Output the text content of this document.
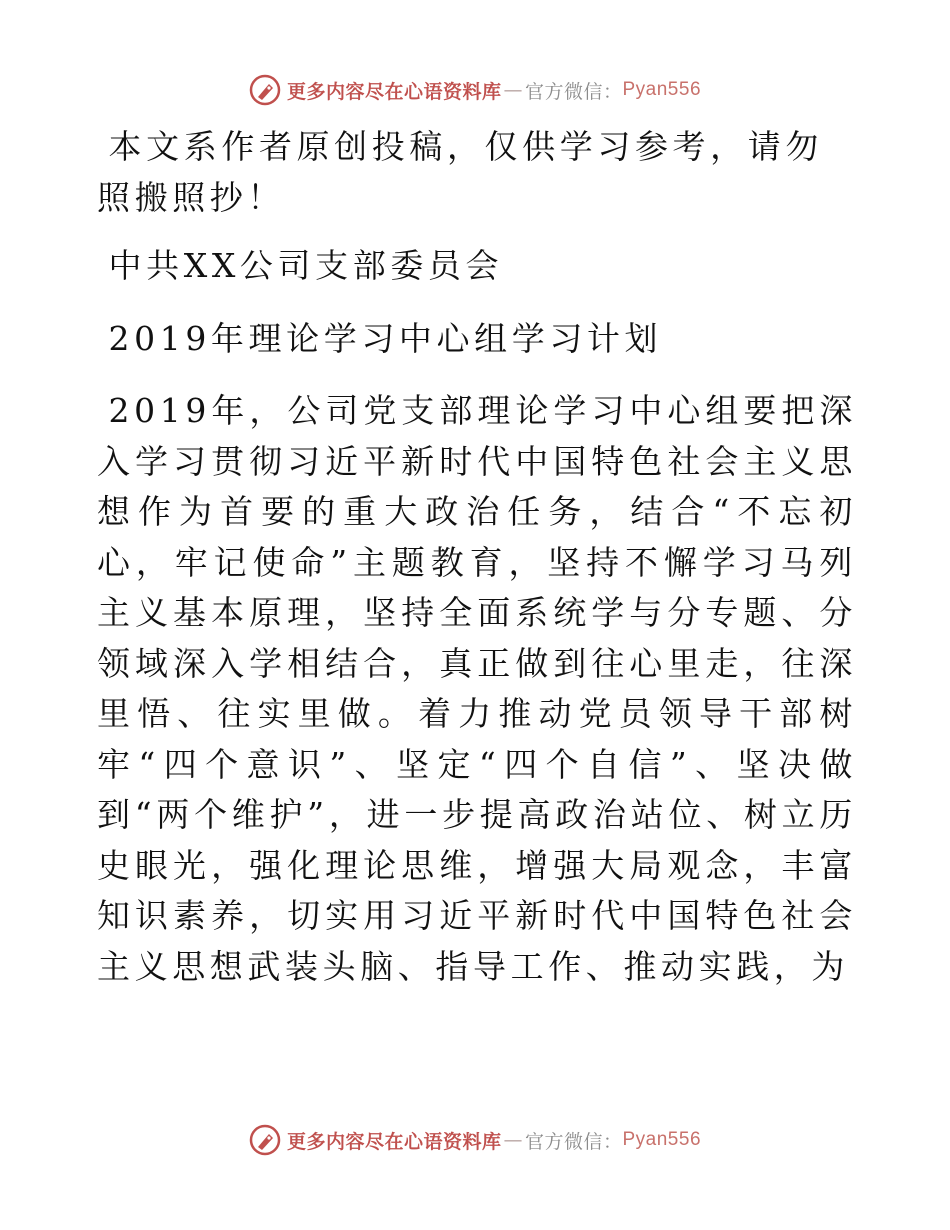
更多内容尽在心语资料库 — 官方微信： Pyan556

本文系作者原创投稿，仅供学习参考，请勿照搬照抄！

中共XX公司支部委员会

2019年理论学习中心组学习计划

2019年，公司党支部理论学习中心组要把深入学习贯彻习近平新时代中国特色社会主义思想作为首要的重大政治任务，结合“不忘初心，牢记使命”主题教育，坚持不懈学习马列主义基本原理，坚持全面系统学与分专题、分领域深入学相结合，真正做到往心里走，往深里悟、往实里做。着力推动党员领导干部树牢“四个意识”、坚定“四个自信”、坚决做到“两个维护”，进一步提高政治站位、树立历史眼光，强化理论思维，增强大局观念，丰富知识素养，切实用习近平新时代中国特色社会主义思想武装头脑、指导工作、推动实践，为

更多内容尽在心语资料库 — 官方微信： Pyan556
